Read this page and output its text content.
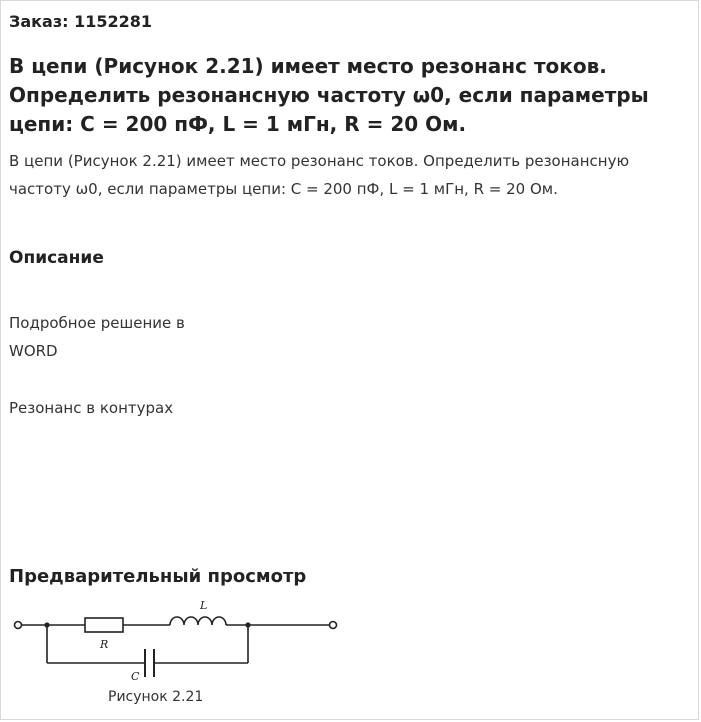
Заказ: 1152281
В цепи (Рисунок 2.21) имеет место резонанс токов. Определить резонансную частоту ω0, если параметры цепи: C = 200 пФ, L = 1 мГн, R = 20 Ом.
В цепи (Рисунок 2.21) имеет место резонанс токов. Определить резонансную частоту ω0, если параметры цепи: C = 200 пФ, L = 1 мГн, R = 20 Ом.
Описание
Подробное решение в
WORD
Резонанс в контурах
Предварительный просмотр
R
L
C
Рисунок 2.21
